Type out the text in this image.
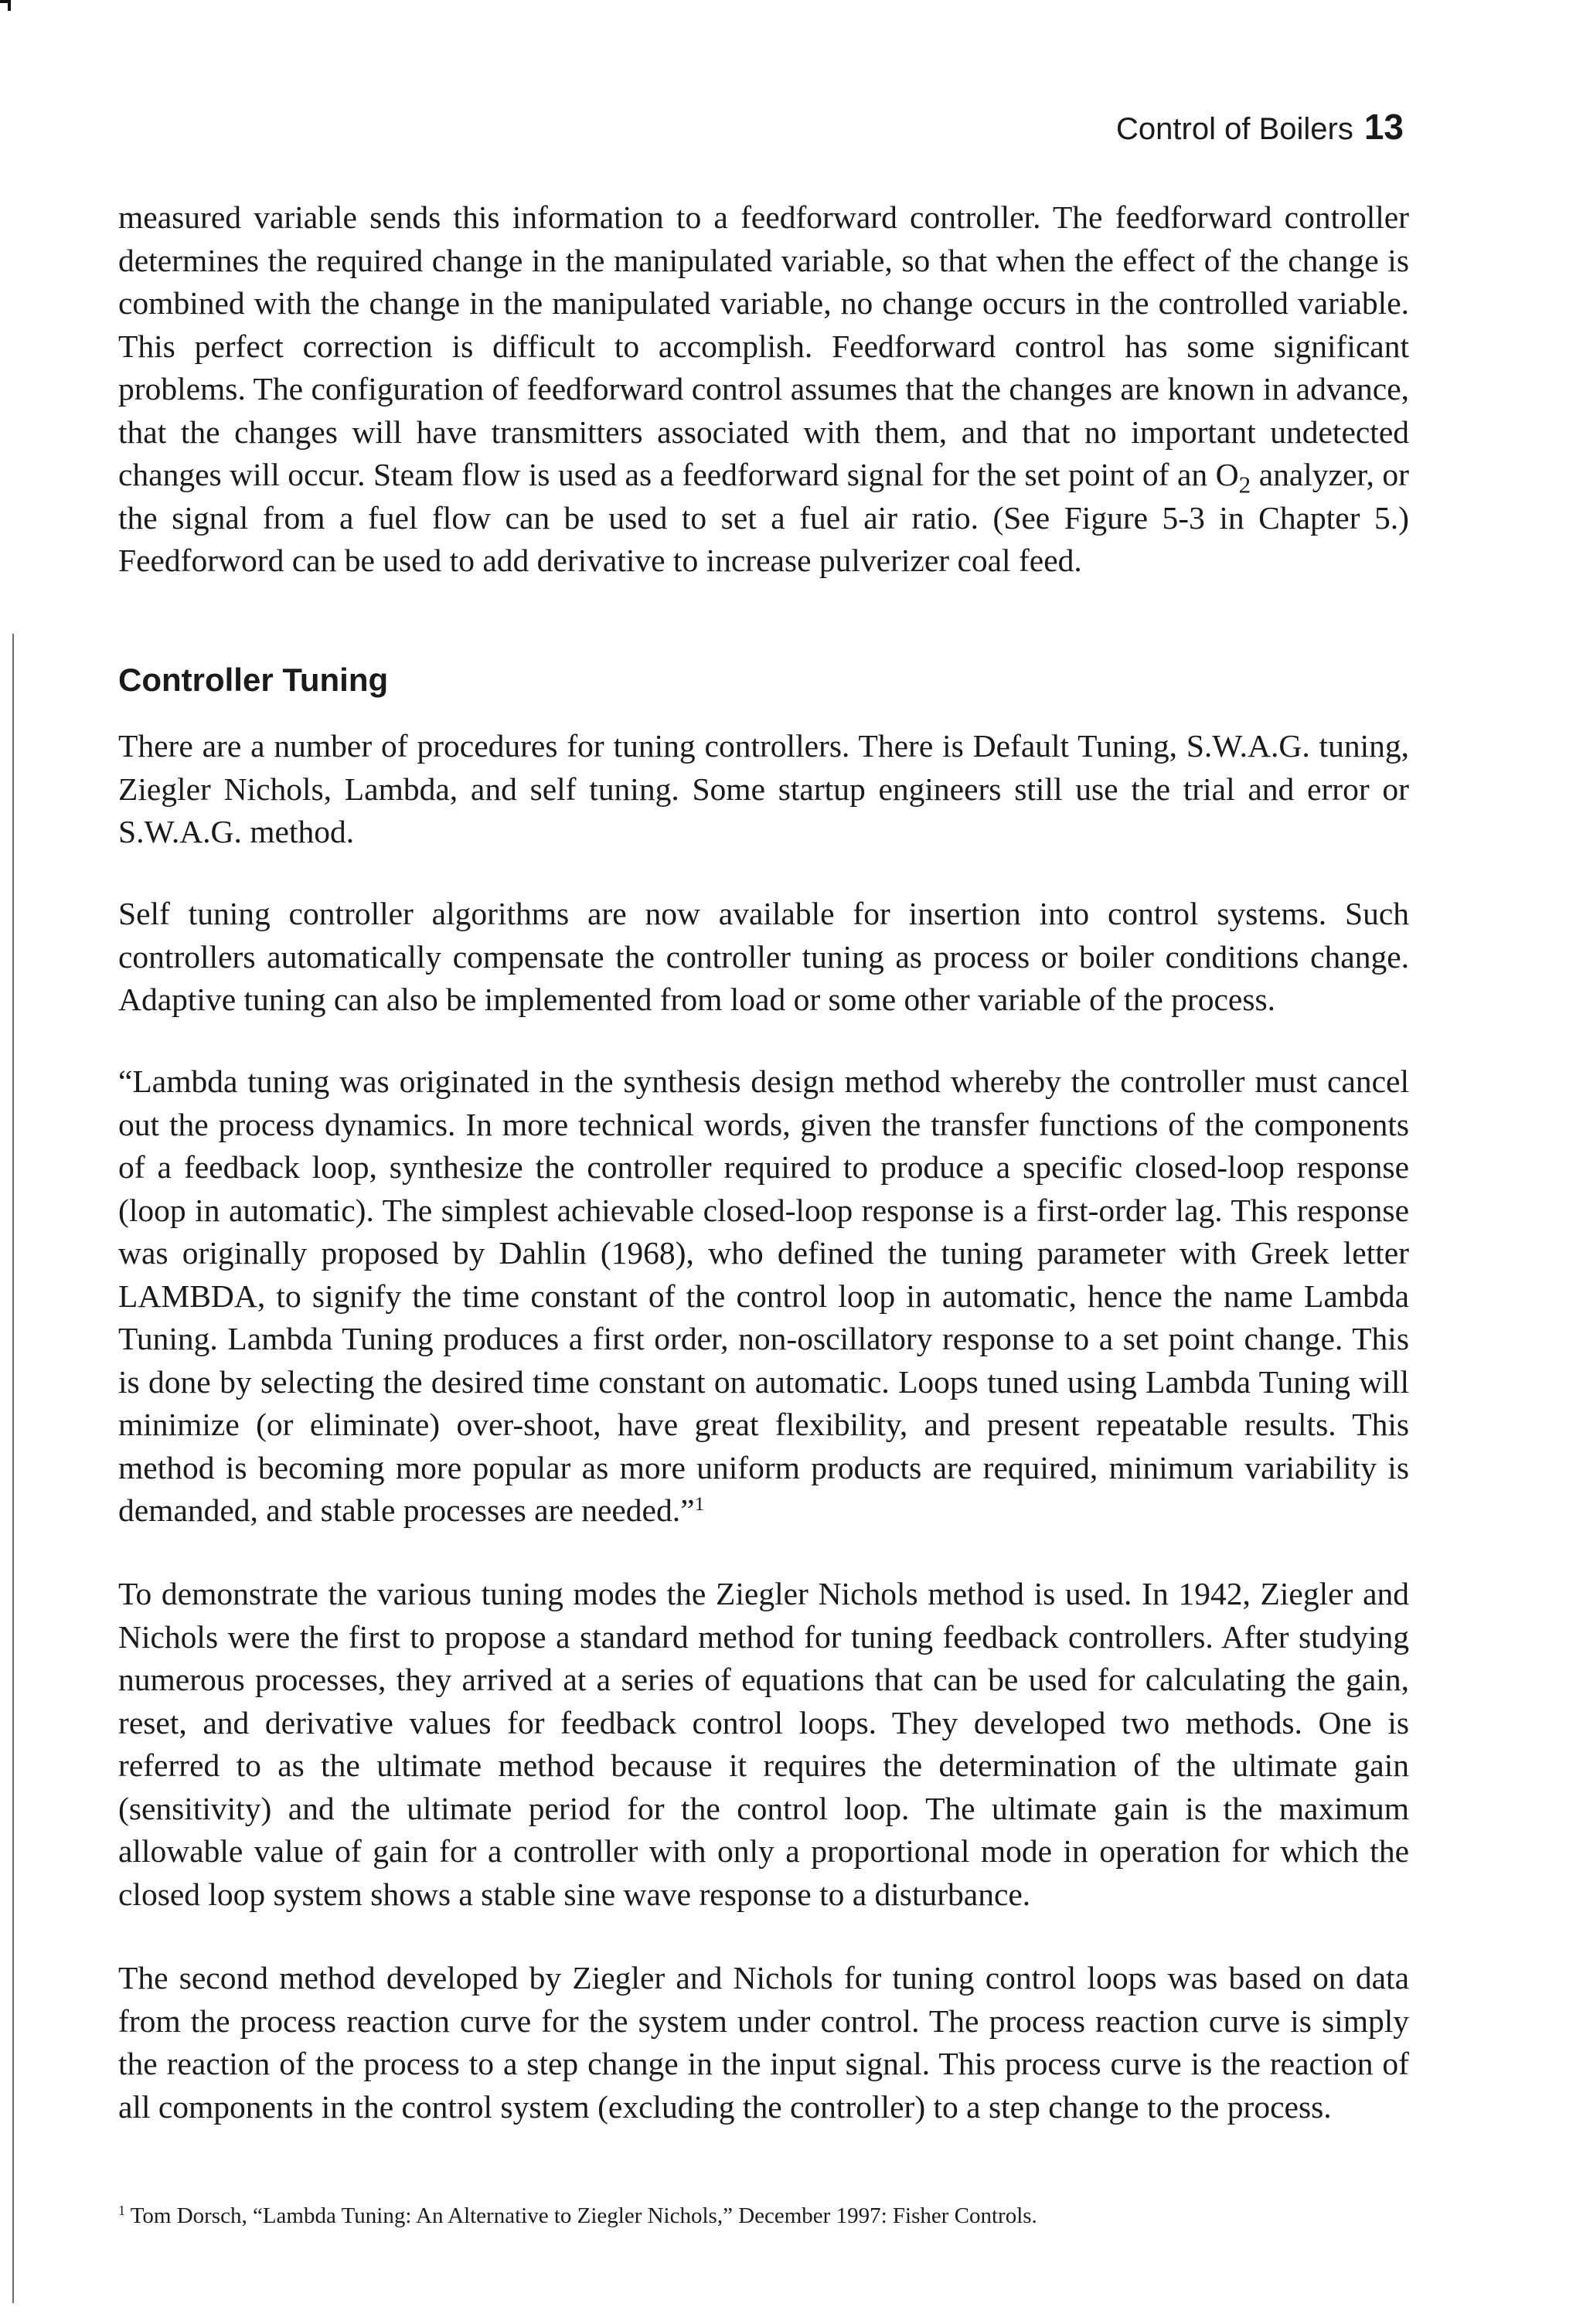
Control of Boilers 13

measured variable sends this information to a feedforward controller. The feedforward controller determines the required change in the manipulated variable, so that when the effect of the change is combined with the change in the manipulated variable, no change occurs in the controlled variable. This perfect correction is difficult to accomplish. Feedforward control has some significant problems. The configuration of feedforward control assumes that the changes are known in advance, that the changes will have transmitters associated with them, and that no important undetected changes will occur. Steam flow is used as a feedforward signal for the set point of an $O_2$ analyzer, or the signal from a fuel flow can be used to set a fuel air ratio. (See Figure 5-3 in Chapter 5.) Feedforword can be used to add derivative to increase pulverizer coal feed.

Controller Tuning

There are a number of procedures for tuning controllers. There is Default Tuning, S.W.A.G. tuning, Ziegler Nichols, Lambda, and self tuning. Some startup engineers still use the trial and error or S.W.A.G. method.

Self tuning controller algorithms are now available for insertion into control systems. Such controllers automatically compensate the controller tuning as process or boiler conditions change. Adaptive tuning can also be implemented from load or some other variable of the process.

“Lambda tuning was originated in the synthesis design method whereby the controller must cancel out the process dynamics. In more technical words, given the transfer functions of the components of a feedback loop, synthesize the controller required to produce a specific closed-loop response (loop in automatic). The simplest achievable closed-loop response is a first-order lag. This response was originally proposed by Dahlin (1968), who defined the tuning parameter with Greek letter LAMBDA, to signify the time constant of the control loop in automatic, hence the name Lambda Tuning. Lambda Tuning produces a first order, non-oscillatory response to a set point change. This is done by selecting the desired time constant on automatic. Loops tuned using Lambda Tuning will minimize (or eliminate) over-shoot, have great flexibility, and present repeatable results. This method is becoming more popular as more uniform products are required, minimum variability is demanded, and stable processes are needed.”$^1$

To demonstrate the various tuning modes the Ziegler Nichols method is used. In 1942, Ziegler and Nichols were the first to propose a standard method for tuning feedback controllers. After studying numerous processes, they arrived at a series of equations that can be used for calculating the gain, reset, and derivative values for feedback control loops. They developed two methods. One is referred to as the ultimate method because it requires the determination of the ultimate gain (sensitivity) and the ultimate period for the control loop. The ultimate gain is the maximum allowable value of gain for a controller with only a proportional mode in operation for which the closed loop system shows a stable sine wave response to a disturbance.

The second method developed by Ziegler and Nichols for tuning control loops was based on data from the process reaction curve for the system under control. The process reaction curve is simply the reaction of the process to a step change in the input signal. This process curve is the reaction of all components in the control system (excluding the controller) to a step change to the process.

$^1$ Tom Dorsch, “Lambda Tuning: An Alternative to Ziegler Nichols,” December 1997: Fisher Controls.
